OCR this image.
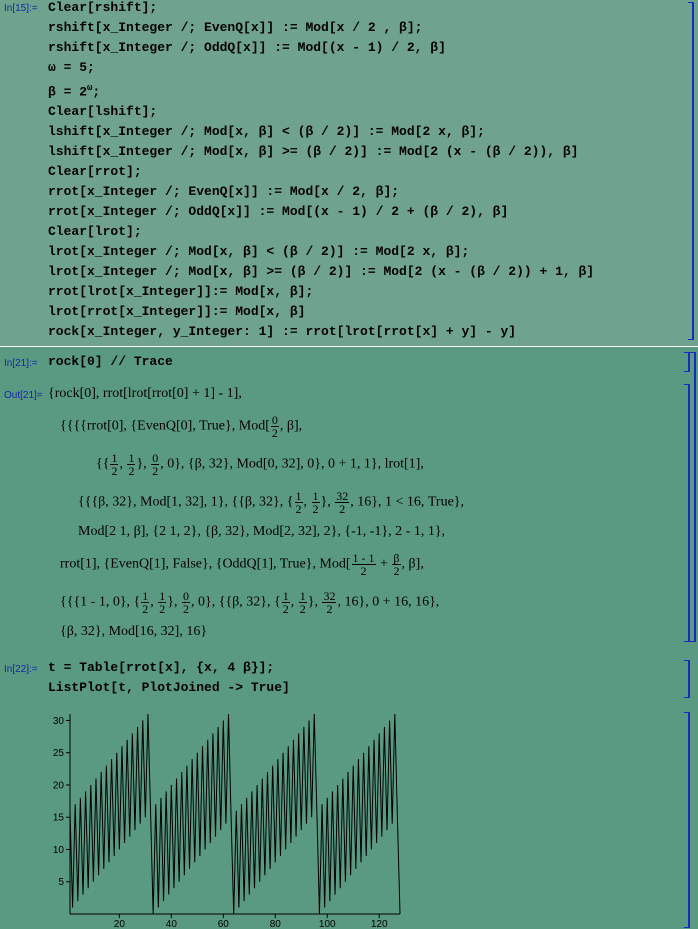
In[15]:= Clear[rshift];
rshift[x_Integer /; EvenQ[x]] := Mod[x / 2 , β];
rshift[x_Integer /; OddQ[x]] := Mod[(x - 1) / 2, β]
ω = 5;
$\beta = 2^\omega$;
Clear[lshift];
lshift[x_Integer /; Mod[x, β] < (β / 2)] := Mod[2 x, β];
lshift[x_Integer /; Mod[x, β] >= (β / 2)] := Mod[2 (x - (β / 2)), β]
Clear[rrot];
rrot[x_Integer /; EvenQ[x]] := Mod[x / 2, β];
rrot[x_Integer /; OddQ[x]] := Mod[(x - 1) / 2 + (β / 2), β]
Clear[lrot];
lrot[x_Integer /; Mod[x, β] < (β / 2)] := Mod[2 x, β];
lrot[x_Integer /; Mod[x, β] >= (β / 2)] := Mod[2 (x - (β / 2)) + 1, β]
rrot[lrot[x_Integer]]:= Mod[x, β];
lrot[rrot[x_Integer]]:= Mod[x, β]
rock[x_Integer, y_Integer: 1] := rrot[lrot[rrot[x] + y] - y]
In[21]:= rock[0] // Trace
Out[21]= {rock[0], rrot[lrot[rrot[0] + 1] - 1],
{{{{rrot[0], {EvenQ[0], True}, $Mod[ \frac{0}{2}$ , β],
{{ $\frac{1}{2}$ , $\frac{1}{2}$ }, $\frac{0}{2}$ , 0}, {β, 32}, Mod[0, 32], 0}, 0 + 1, 1}, lrot[1],
{{{β, 32}, Mod[1, 32], 1}, {{β, 32}, { $\frac{1}{2}$ , $\frac{1}{2}$ }, $\frac{32}{2}$ , 16}, 1 < 16, True},
Mod[2 1, β], {2 1, 2}, {β, 32}, Mod[2, 32], 2}, {-1, -1}, 2 - 1, 1},
rrot[1], {EvenQ[1], False}, {OddQ[1], True}, $Mod[ \frac{1 - 1}{2} + \frac{\beta}{2}$ , β],
{{{1 - 1, 0}, { $\frac{1}{2}$ , $\frac{1}{2}$ }, $\frac{0}{2}$ , 0}, {{β, 32}, { $\frac{1}{2}$ , $\frac{1}{2}$ }, $\frac{32}{2}$ , 16}, 0 + 16, 16},
{β, 32}, Mod[16, 32], 16}
In[22]:= t = Table[rrot[x], {x, 4 β}];
ListPlot[t, PlotJoined -> True]
20	40	60	80	100	120
5
10
15
20
25
30
